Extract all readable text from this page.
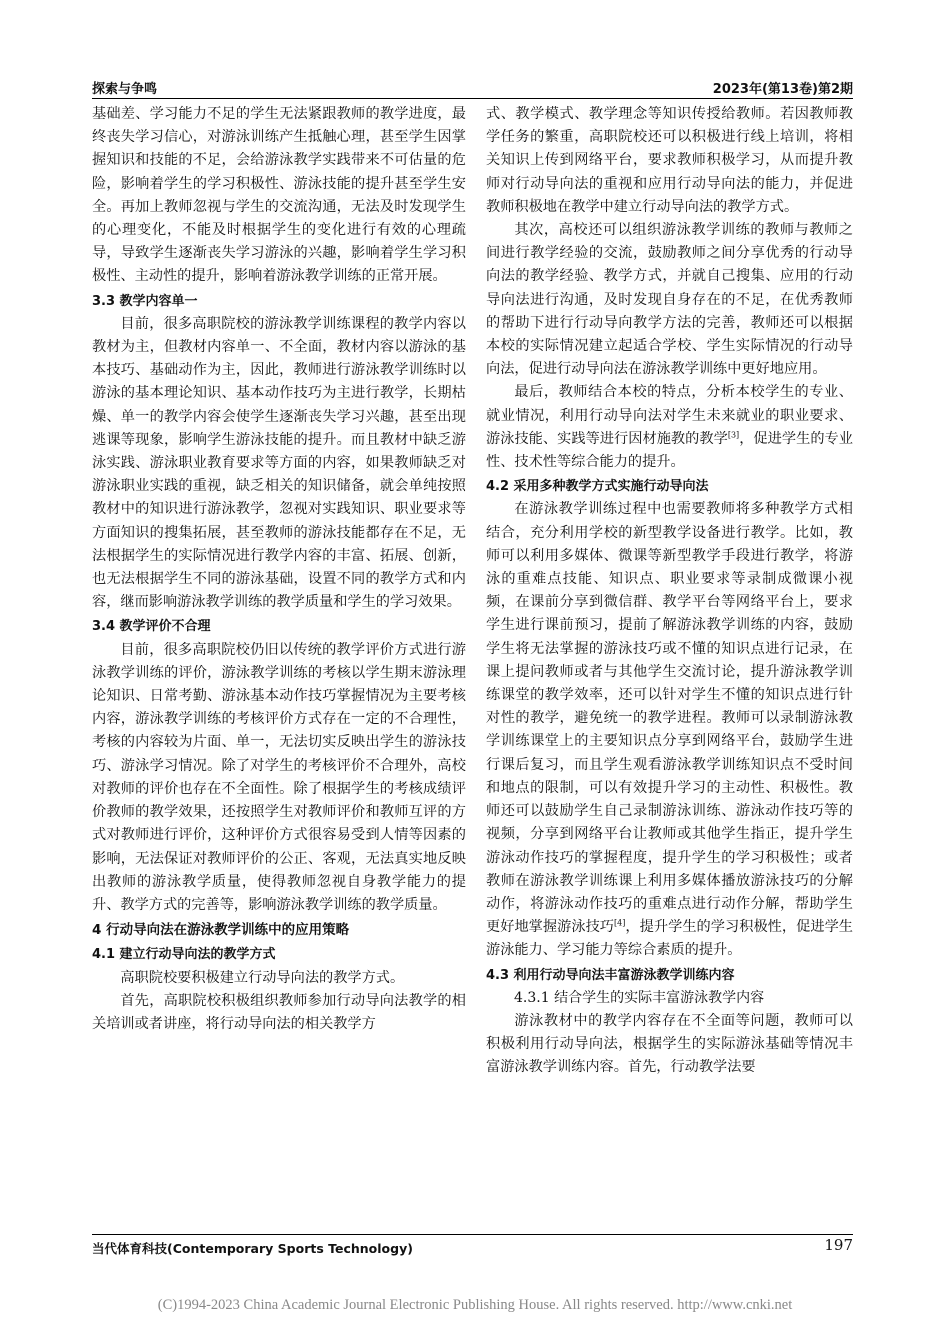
探索与争鸣	2023年(第13卷)第2期

基础差、学习能力不足的学生无法紧跟教师的教学进度，最终丧失学习信心，对游泳训练产生抵触心理，甚至学生因掌握知识和技能的不足，会给游泳教学实践带来不可估量的危险，影响着学生的学习积极性、游泳技能的提升甚至学生安全。再加上教师忽视与学生的交流沟通，无法及时发现学生的心理变化，不能及时根据学生的变化进行有效的心理疏导，导致学生逐渐丧失学习游泳的兴趣，影响着学生学习积极性、主动性的提升，影响着游泳教学训练的正常开展。

3.3 教学内容单一

目前，很多高职院校的游泳教学训练课程的教学内容以教材为主，但教材内容单一、不全面，教材内容以游泳的基本技巧、基础动作为主，因此，教师进行游泳教学训练时以游泳的基本理论知识、基本动作技巧为主进行教学，长期枯燥、单一的教学内容会使学生逐渐丧失学习兴趣，甚至出现逃课等现象，影响学生游泳技能的提升。而且教材中缺乏游泳实践、游泳职业教育要求等方面的内容，如果教师缺乏对游泳职业实践的重视，缺乏相关的知识储备，就会单纯按照教材中的知识进行游泳教学，忽视对实践知识、职业要求等方面知识的搜集拓展，甚至教师的游泳技能都存在不足，无法根据学生的实际情况进行教学内容的丰富、拓展、创新，也无法根据学生不同的游泳基础，设置不同的教学方式和内容，继而影响游泳教学训练的教学质量和学生的学习效果。

3.4 教学评价不合理

目前，很多高职院校仍旧以传统的教学评价方式进行游泳教学训练的评价，游泳教学训练的考核以学生期末游泳理论知识、日常考勤、游泳基本动作技巧掌握情况为主要考核内容，游泳教学训练的考核评价方式存在一定的不合理性，考核的内容较为片面、单一，无法切实反映出学生的游泳技巧、游泳学习情况。除了对学生的考核评价不合理外，高校对教师的评价也存在不全面性。除了根据学生的考核成绩评价教师的教学效果，还按照学生对教师评价和教师互评的方式对教师进行评价，这种评价方式很容易受到人情等因素的影响，无法保证对教师评价的公正、客观，无法真实地反映出教师的游泳教学质量，使得教师忽视自身教学能力的提升、教学方式的完善等，影响游泳教学训练的教学质量。

4 行动导向法在游泳教学训练中的应用策略
4.1 建立行动导向法的教学方式

高职院校要积极建立行动导向法的教学方式。

首先，高职院校积极组织教师参加行动导向法教学的相关培训或者讲座，将行动导向法的相关教学方

式、教学模式、教学理念等知识传授给教师。若因教师教学任务的繁重，高职院校还可以积极进行线上培训，将相关知识上传到网络平台，要求教师积极学习，从而提升教师对行动导向法的重视和应用行动导向法的能力，并促进教师积极地在教学中建立行动导向法的教学方式。

其次，高校还可以组织游泳教学训练的教师与教师之间进行教学经验的交流，鼓励教师之间分享优秀的行动导向法的教学经验、教学方式，并就自己搜集、应用的行动导向法进行沟通，及时发现自身存在的不足，在优秀教师的帮助下进行行动导向教学方法的完善，教师还可以根据本校的实际情况建立起适合学校、学生实际情况的行动导向法，促进行动导向法在游泳教学训练中更好地应用。

最后，教师结合本校的特点，分析本校学生的专业、就业情况，利用行动导向法对学生未来就业的职业要求、游泳技能、实践等进行因材施教的教学[3]，促进学生的专业性、技术性等综合能力的提升。

4.2 采用多种教学方式实施行动导向法

在游泳教学训练过程中也需要教师将多种教学方式相结合，充分利用学校的新型教学设备进行教学。比如，教师可以利用多媒体、微课等新型教学手段进行教学，将游泳的重难点技能、知识点、职业要求等录制成微课小视频，在课前分享到微信群、教学平台等网络平台上，要求学生进行课前预习，提前了解游泳教学训练的内容，鼓励学生将无法掌握的游泳技巧或不懂的知识点进行记录，在课上提问教师或者与其他学生交流讨论，提升游泳教学训练课堂的教学效率，还可以针对学生不懂的知识点进行针对性的教学，避免统一的教学进程。教师可以录制游泳教学训练课堂上的主要知识点分享到网络平台，鼓励学生进行课后复习，而且学生观看游泳教学训练知识点不受时间和地点的限制，可以有效提升学习的主动性、积极性。教师还可以鼓励学生自己录制游泳训练、游泳动作技巧等的视频，分享到网络平台让教师或其他学生指正，提升学生游泳动作技巧的掌握程度，提升学生的学习积极性；或者教师在游泳教学训练课上利用多媒体播放游泳技巧的分解动作，将游泳动作技巧的重难点进行动作分解，帮助学生更好地掌握游泳技巧[4]，提升学生的学习积极性，促进学生游泳能力、学习能力等综合素质的提升。

4.3 利用行动导向法丰富游泳教学训练内容
4.3.1 结合学生的实际丰富游泳教学内容

游泳教材中的教学内容存在不全面等问题，教师可以积极利用行动导向法，根据学生的实际游泳基础等情况丰富游泳教学训练内容。首先，行动教学法要

当代体育科技(Contemporary Sports Technology)	197
(C)1994-2023 China Academic Journal Electronic Publishing House. All rights reserved. http://www.cnki.net
